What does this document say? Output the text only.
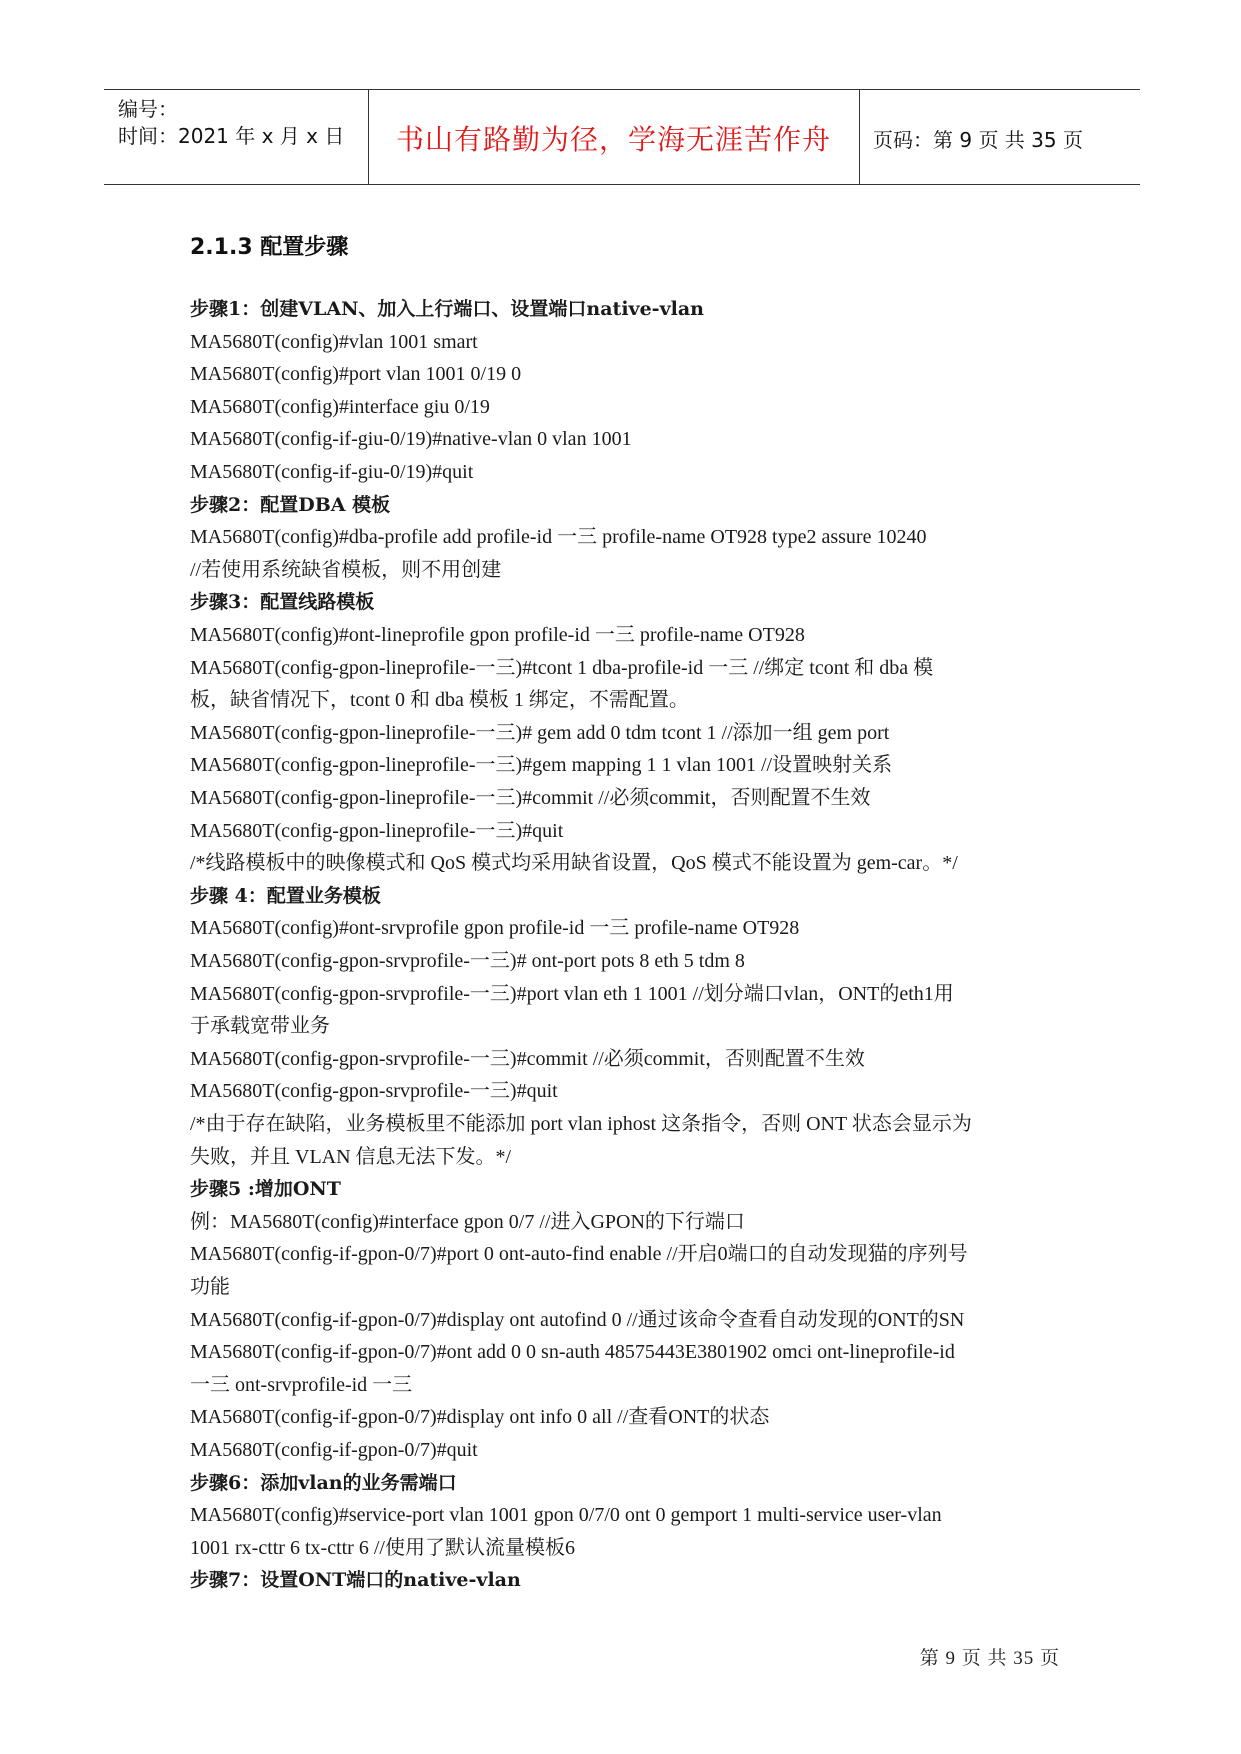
编号：
时间：2021 年 x 月 x 日	书山有路勤为径，学海无涯苦作舟	页码：第 9 页 共 35 页
2.1.3 配置步骤
步骤1：创建VLAN、加入上行端口、设置端口native-vlan
MA5680T(config)#vlan 1001 smart
MA5680T(config)#port vlan 1001 0/19 0
MA5680T(config)#interface giu 0/19
MA5680T(config-if-giu-0/19)#native-vlan 0 vlan 1001
MA5680T(config-if-giu-0/19)#quit
步骤2：配置DBA 模板
MA5680T(config)#dba-profile add profile-id 一三 profile-name OT928 type2 assure 10240
//若使用系统缺省模板，则不用创建
步骤3：配置线路模板
MA5680T(config)#ont-lineprofile gpon profile-id 一三 profile-name OT928
MA5680T(config-gpon-lineprofile-一三)#tcont 1 dba-profile-id 一三 //绑定 tcont 和 dba 模
板，缺省情况下，tcont 0 和 dba 模板 1 绑定，不需配置。
MA5680T(config-gpon-lineprofile-一三)# gem add 0 tdm tcont 1 //添加一组 gem port
MA5680T(config-gpon-lineprofile-一三)#gem mapping 1 1 vlan 1001 //设置映射关系
MA5680T(config-gpon-lineprofile-一三)#commit //必须commit，否则配置不生效
MA5680T(config-gpon-lineprofile-一三)#quit
/*线路模板中的映像模式和 QoS 模式均采用缺省设置，QoS 模式不能设置为 gem-car。*/
步骤 4：配置业务模板
MA5680T(config)#ont-srvprofile gpon profile-id 一三 profile-name OT928
MA5680T(config-gpon-srvprofile-一三)# ont-port pots 8 eth 5 tdm 8
MA5680T(config-gpon-srvprofile-一三)#port vlan eth 1 1001 //划分端口vlan，ONT的eth1用
于承载宽带业务
MA5680T(config-gpon-srvprofile-一三)#commit //必须commit，否则配置不生效
MA5680T(config-gpon-srvprofile-一三)#quit
/*由于存在缺陷，业务模板里不能添加 port vlan iphost 这条指令，否则 ONT 状态会显示为
失败，并且 VLAN 信息无法下发。*/
步骤5 :增加ONT
例：MA5680T(config)#interface gpon 0/7 //进入GPON的下行端口
MA5680T(config-if-gpon-0/7)#port 0 ont-auto-find enable //开启0端口的自动发现猫的序列号
功能
MA5680T(config-if-gpon-0/7)#display ont autofind 0 //通过该命令查看自动发现的ONT的SN
MA5680T(config-if-gpon-0/7)#ont add 0 0 sn-auth 48575443E3801902 omci ont-lineprofile-id
一三 ont-srvprofile-id 一三
MA5680T(config-if-gpon-0/7)#display ont info 0 all //查看ONT的状态
MA5680T(config-if-gpon-0/7)#quit
步骤6：添加vlan的业务需端口
MA5680T(config)#service-port vlan 1001 gpon 0/7/0 ont 0 gemport 1 multi-service user-vlan
1001 rx-cttr 6 tx-cttr 6 //使用了默认流量模板6
步骤7：设置ONT端口的native-vlan
第 9 页 共 35 页
